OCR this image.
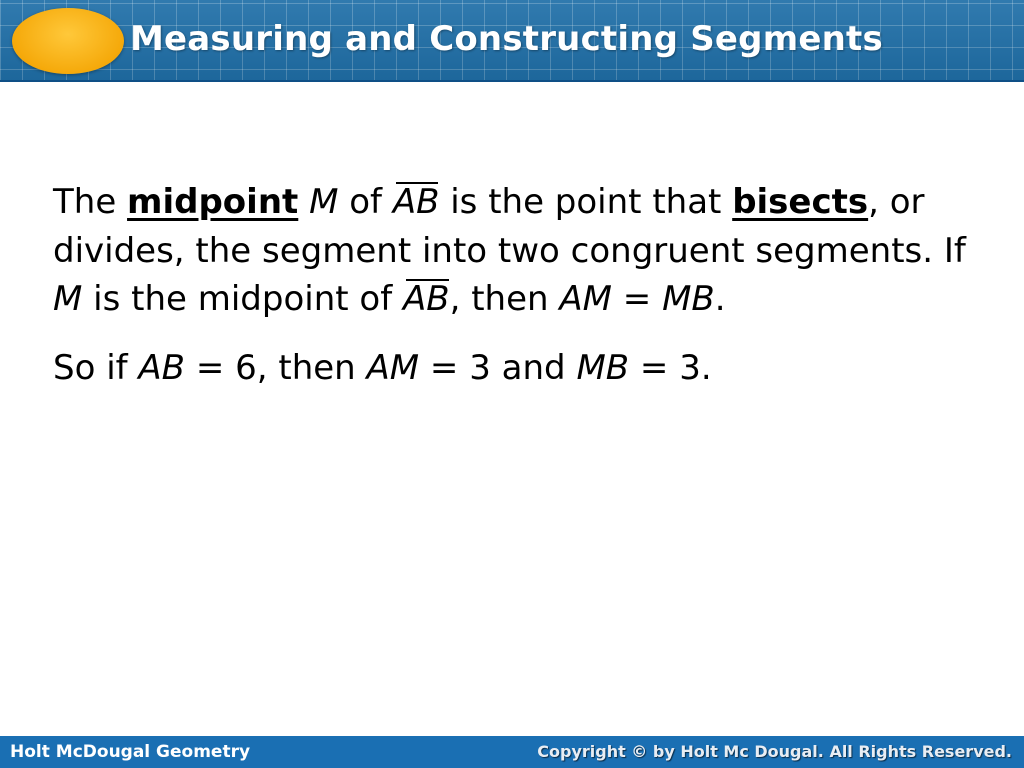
Measuring and Constructing Segments

The midpoint M of AB is the point that bisects, or divides, the segment into two congruent segments. If M is the midpoint of AB, then AM = MB.

So if AB = 6, then AM = 3 and MB = 3.

Holt McDougal Geometry	Copyright © by Holt Mc Dougal. All Rights Reserved.
